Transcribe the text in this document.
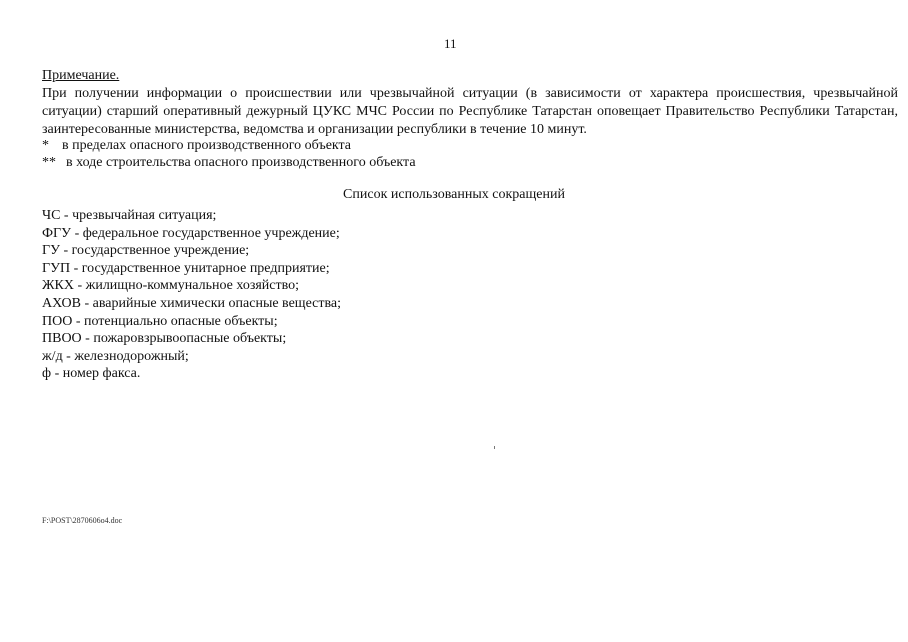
11
Примечание.
При получении информации о происшествии или чрезвычайной ситуации (в зависимости от характера происшествия, чрезвычайной ситуации) старший оперативный дежурный ЦУКС МЧС России по Республике Татарстан оповещает Правительство Республики Татарстан, заинтересованные министерства, ведомства и организации республики в течение 10 минут.
* в пределах опасного производственного объекта
** в ходе строительства опасного производственного объекта
Список использованных сокращений
ЧС - чрезвычайная ситуация;
ФГУ - федеральное государственное учреждение;
ГУ - государственное учреждение;
ГУП - государственное унитарное предприятие;
ЖКХ - жилищно-коммунальное хозяйство;
АХОВ - аварийные химически опасные вещества;
ПОО - потенциально опасные объекты;
ПВОО - пожаровзрывоопасные объекты;
ж/д - железнодорожный;
ф - номер факса.
F:\POST\2870606о4.doc
